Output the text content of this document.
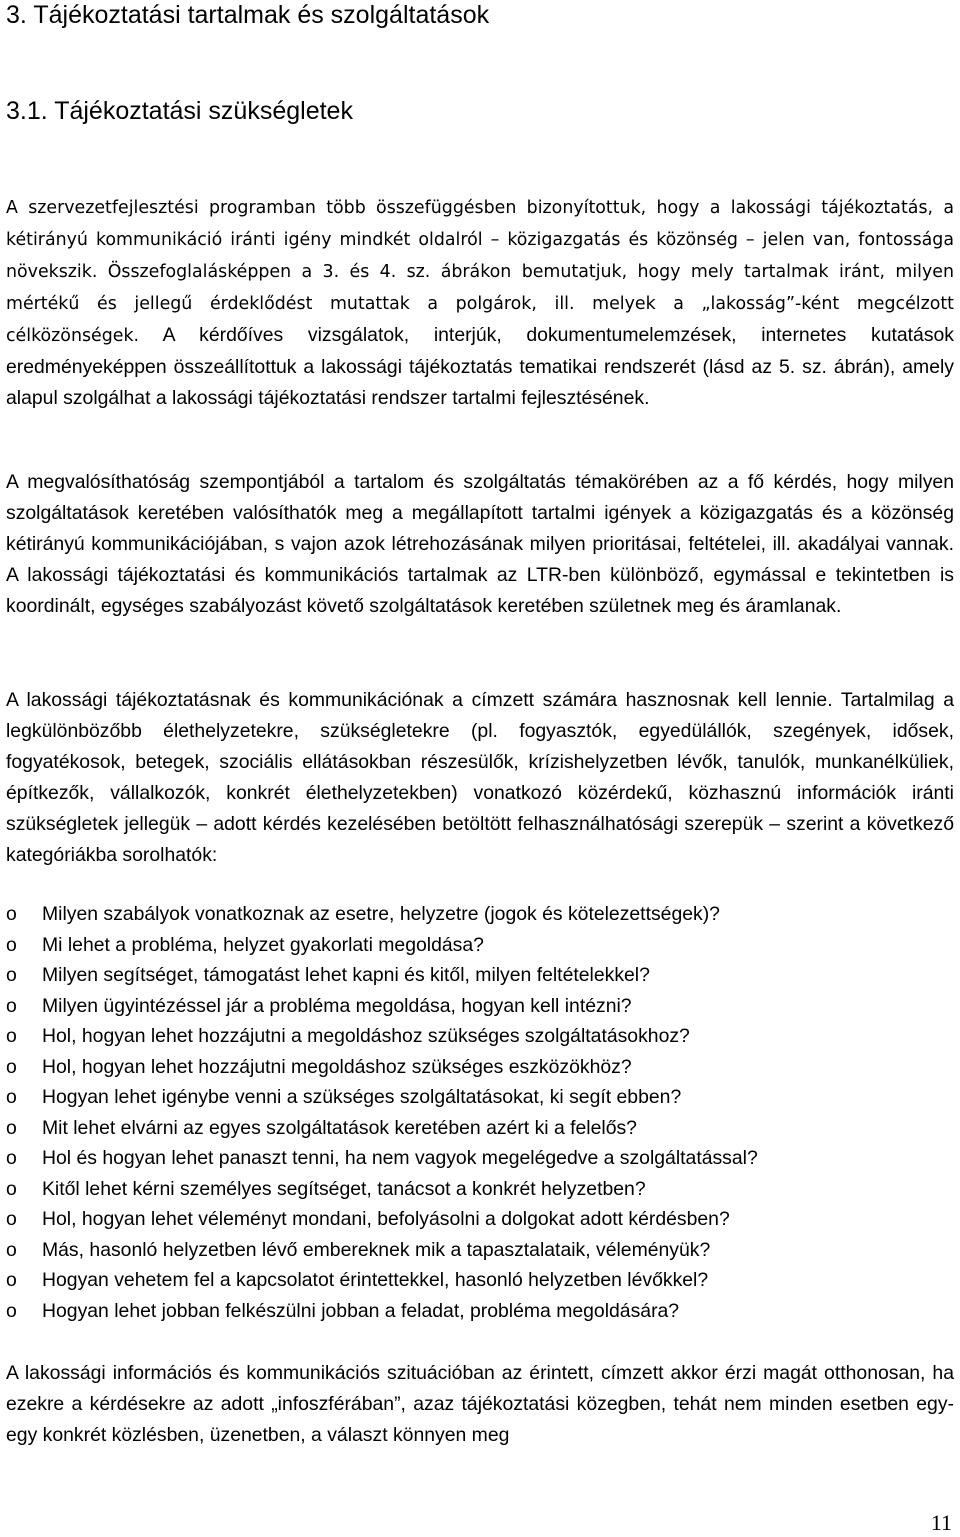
3. Tájékoztatási tartalmak és szolgáltatások
3.1. Tájékoztatási szükségletek

A szervezetfejlesztési programban több összefüggésben bizonyítottuk, hogy a lakossági tájékoztatás, a kétirányú kommunikáció iránti igény mindkét oldalról – közigazgatás és közönség – jelen van, fontossága növekszik. Összefoglalásképpen a 3. és 4. sz. ábrákon bemutatjuk, hogy mely tartalmak iránt, milyen mértékű és jellegű érdeklődést mutattak a polgárok, ill. melyek a „lakosság”-ként megcélzott célközönségek. A kérdőíves vizsgálatok, interjúk, dokumentumelemzések, internetes kutatások eredményeképpen összeállítottuk a lakossági tájékoztatás tematikai rendszerét (lásd az 5. sz. ábrán), amely alapul szolgálhat a lakossági tájékoztatási rendszer tartalmi fejlesztésének.

A megvalósíthatóság szempontjából a tartalom és szolgáltatás témakörében az a fő kérdés, hogy milyen szolgáltatások keretében valósíthatók meg a megállapított tartalmi igények a közigazgatás és a közönség kétirányú kommunikációjában, s vajon azok létrehozásának milyen prioritásai, feltételei, ill. akadályai vannak. A lakossági tájékoztatási és kommunikációs tartalmak az LTR-ben különböző, egymással e tekintetben is koordinált, egységes szabályozást követő szolgáltatások keretében születnek meg és áramlanak.

A lakossági tájékoztatásnak és kommunikációnak a címzett számára hasznosnak kell lennie. Tartalmilag a legkülönbözőbb élethelyzetekre, szükségletekre (pl. fogyasztók, egyedülállók, szegények, idősek, fogyatékosok, betegek, szociális ellátásokban részesülők, krízishelyzetben lévők, tanulók, munkanélküliek, építkezők, vállalkozók, konkrét élethelyzetekben) vonatkozó közérdekű, közhasznú információk iránti szükségletek jellegük – adott kérdés kezelésében betöltött felhasználhatósági szerepük – szerint a következő kategóriákba sorolhatók:

o Milyen szabályok vonatkoznak az esetre, helyzetre (jogok és kötelezettségek)?
o Mi lehet a probléma, helyzet gyakorlati megoldása?
o Milyen segítséget, támogatást lehet kapni és kitől, milyen feltételekkel?
o Milyen ügyintézéssel jár a probléma megoldása, hogyan kell intézni?
o Hol, hogyan lehet hozzájutni a megoldáshoz szükséges szolgáltatásokhoz?
o Hol, hogyan lehet hozzájutni megoldáshoz szükséges eszközökhöz?
o Hogyan lehet igénybe venni a szükséges szolgáltatásokat, ki segít ebben?
o Mit lehet elvárni az egyes szolgáltatások keretében azért ki a felelős?
o Hol és hogyan lehet panaszt tenni, ha nem vagyok megelégedve a szolgáltatással?
o Kitől lehet kérni személyes segítséget, tanácsot a konkrét helyzetben?
o Hol, hogyan lehet véleményt mondani, befolyásolni a dolgokat adott kérdésben?
o Más, hasonló helyzetben lévő embereknek mik a tapasztalataik, véleményük?
o Hogyan vehetem fel a kapcsolatot érintettekkel, hasonló helyzetben lévőkkel?
o Hogyan lehet jobban felkészülni jobban a feladat, probléma megoldására?

A lakossági információs és kommunikációs szituációban az érintett, címzett akkor érzi magát otthonosan, ha ezekre a kérdésekre az adott „infoszférában”, azaz tájékoztatási közegben, tehát nem minden esetben egy-egy konkrét közlésben, üzenetben, a választ könnyen meg

11
